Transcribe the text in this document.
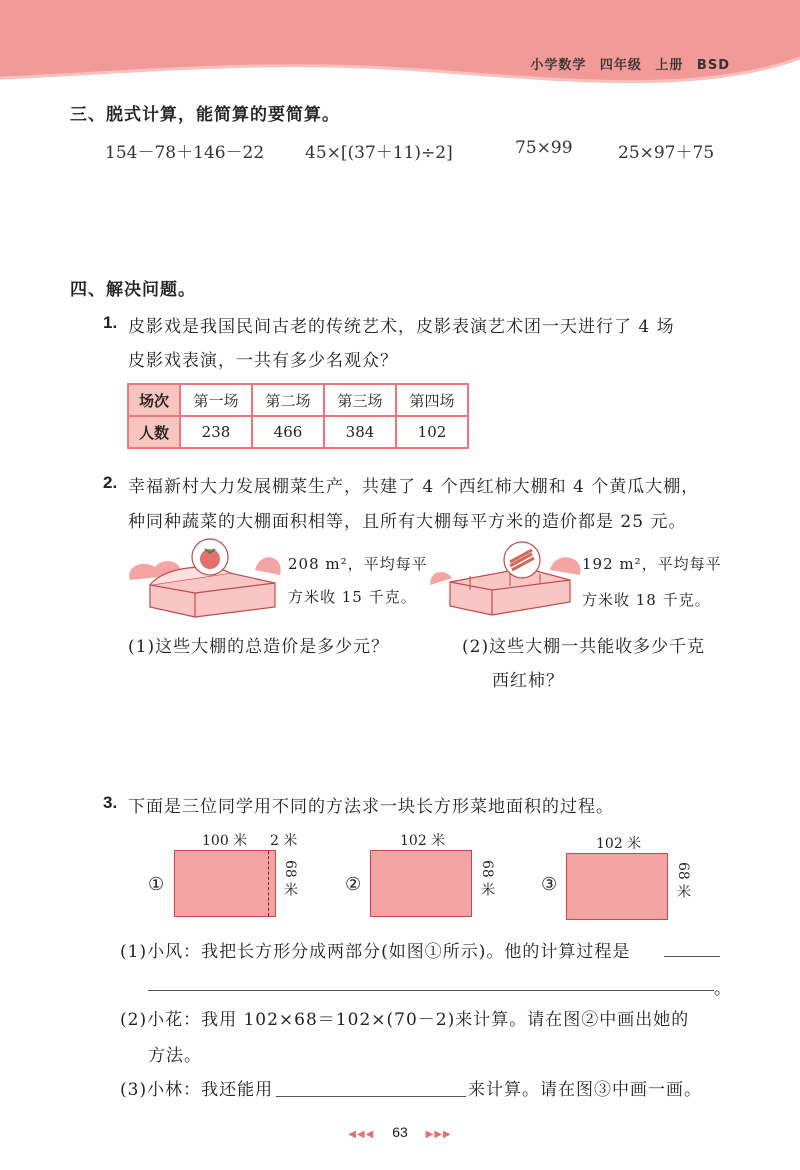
小学数学 四年级 上册 BSD
三、脱式计算，能简算的要简算。
154－78＋146－22 45×[(37＋11)÷2]	75×99	25×97＋75
四、解决问题。
1. 皮影戏是我国民间古老的传统艺术，皮影表演艺术团一天进行了 4 场
皮影戏表演，一共有多少名观众？
场次	第一场	第二场	第三场	第四场
人数	238	466	384	102
2. 幸福新村大力发展棚菜生产，共建了 4 个西红柿大棚和 4 个黄瓜大棚，
种同种蔬菜的大棚面积相等，且所有大棚每平方米的造价都是 25 元。
208 m²，平均每平
方米收 15 千克。
192 m²，平均每平
方米收 18 千克。
(1)这些大棚的总造价是多少元？	(2)这些大棚一共能收多少千克
西红柿？
3. 下面是三位同学用不同的方法求一块长方形菜地面积的过程。
①
100 米 2 米
68 米	②
102 米
68 米	③
102 米
68 米
(1)小风：我把长方形分成两部分(如图①所示)。他的计算过程是
。
(2)小花：我用 102×68＝102×(70－2)来计算。请在图②中画出她的
方法。
(3)小林：我还能用	来计算。请在图③中画一画。
◀◀◀ 63 ▶▶▶
